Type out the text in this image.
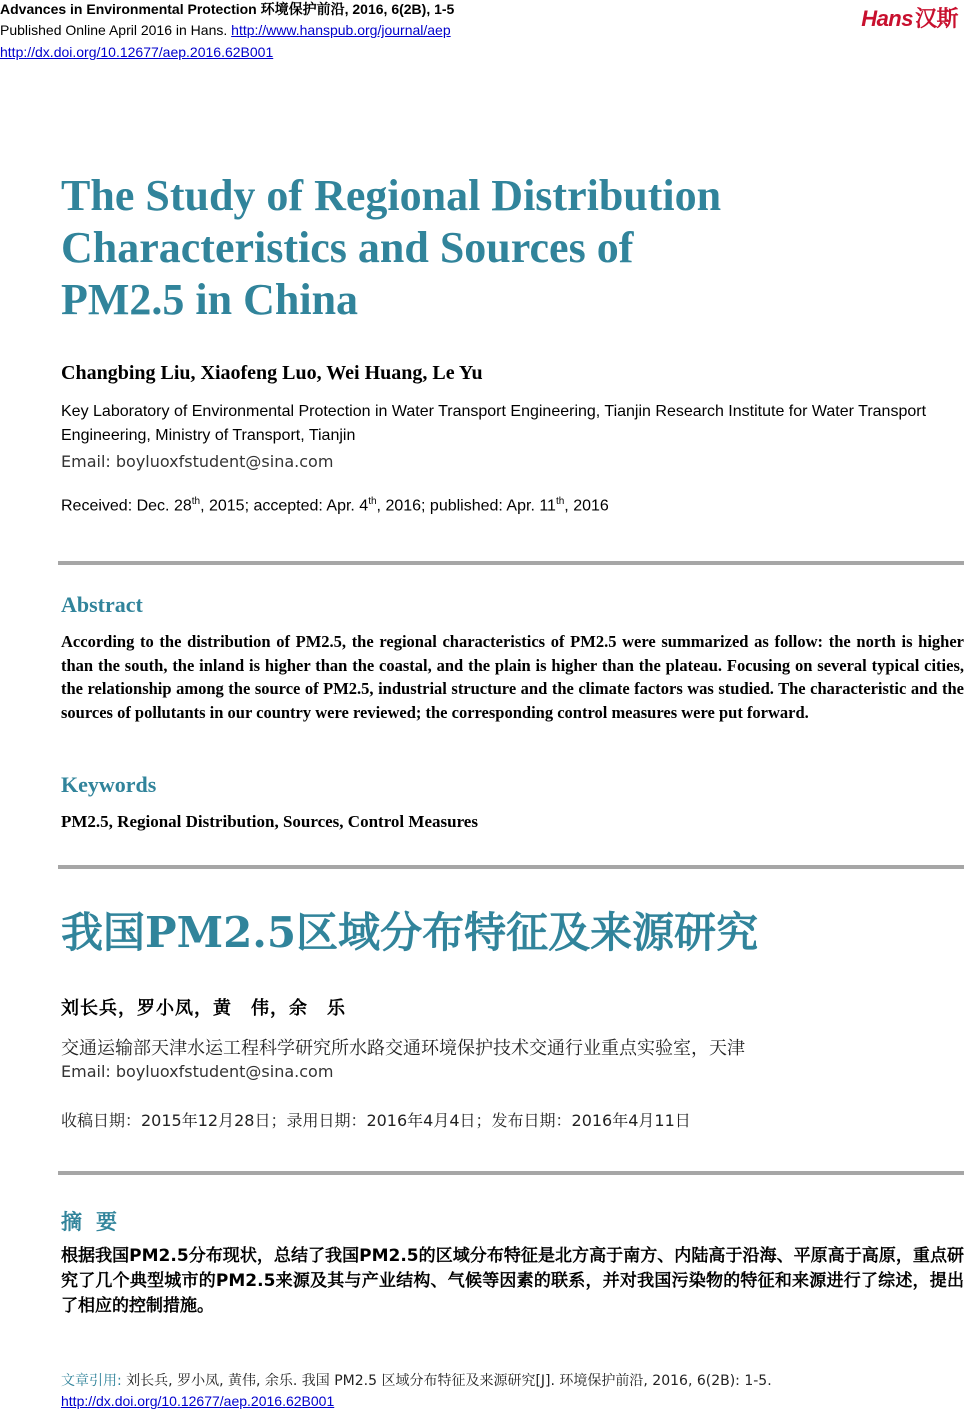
Advances in Environmental Protection 环境保护前沿, 2016, 6(2B), 1-5
Published Online April 2016 in Hans. http://www.hanspub.org/journal/aep
http://dx.doi.org/10.12677/aep.2016.62B001
Hans汉斯
The Study of Regional Distribution
Characteristics and Sources of
PM2.5 in China
Changbing Liu, Xiaofeng Luo, Wei Huang, Le Yu
Key Laboratory of Environmental Protection in Water Transport Engineering, Tianjin Research Institute for Water Transport Engineering, Ministry of Transport, Tianjin
Email: boyluoxfstudent@sina.com
Received: Dec. 28th, 2015; accepted: Apr. 4th, 2016; published: Apr. 11th, 2016
Abstract
According to the distribution of PM2.5, the regional characteristics of PM2.5 were summarized as follow: the north is higher than the south, the inland is higher than the coastal, and the plain is higher than the plateau. Focusing on several typical cities, the relationship among the source of PM2.5, industrial structure and the climate factors was studied. The characteristic and the sources of pollutants in our country were reviewed; the corresponding control measures were put forward.
Keywords
PM2.5, Regional Distribution, Sources, Control Measures
我国PM2.5区域分布特征及来源研究
刘长兵，罗小凤，黄　伟，余　乐
交通运输部天津水运工程科学研究所水路交通环境保护技术交通行业重点实验室，天津
Email: boyluoxfstudent@sina.com
收稿日期：2015年12月28日；录用日期：2016年4月4日；发布日期：2016年4月11日
摘要
根据我国PM2.5分布现状，总结了我国PM2.5的区域分布特征是北方高于南方、内陆高于沿海、平原高于高原，重点研究了几个典型城市的PM2.5来源及其与产业结构、气候等因素的联系，并对我国污染物的特征和来源进行了综述，提出了相应的控制措施。
文章引用: 刘长兵, 罗小凤, 黄伟, 余乐. 我国 PM2.5 区域分布特征及来源研究[J]. 环境保护前沿, 2016, 6(2B): 1-5.
http://dx.doi.org/10.12677/aep.2016.62B001
